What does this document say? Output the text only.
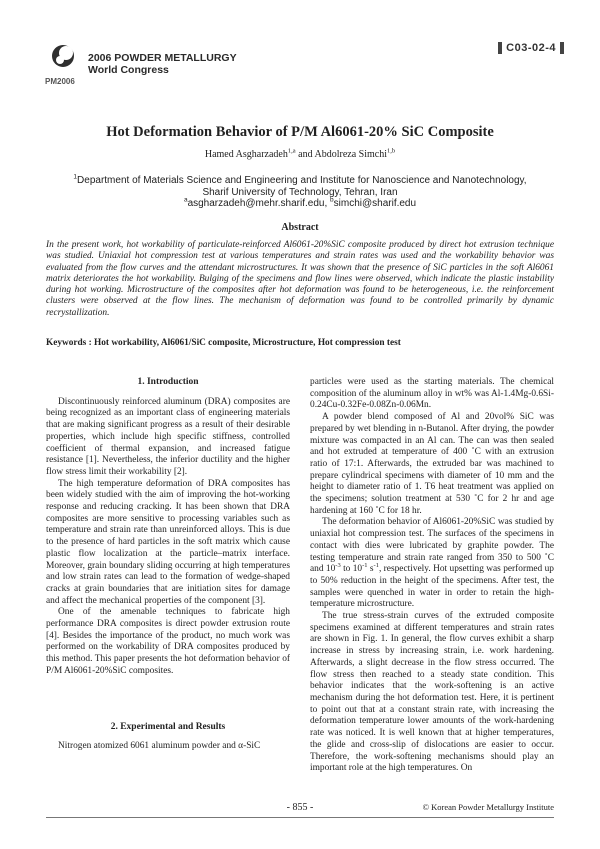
PM2006
2006 POWDER METALLURGY
World Congress
C03-02-4
Hot Deformation Behavior of P/M Al6061-20% SiC Composite
Hamed Asgharzadeh$^{1,a}$ and Abdolreza Simchi$^{1,b}$
$^1$Department of Materials Science and Engineering and Institute for Nanoscience and Nanotechnology,
Sharif University of Technology, Tehran, Iran
$^a$asgharzadeh@mehr.sharif.edu, $^b$simchi@sharif.edu
Abstract
In the present work, hot workability of particulate-reinforced Al6061-20%SiC composite produced by direct hot extrusion technique was studied. Uniaxial hot compression test at various temperatures and strain rates was used and the workability behavior was evaluated from the flow curves and the attendant microstructures. It was shown that the presence of SiC particles in the soft Al6061 matrix deteriorates the hot workability. Bulging of the specimens and flow lines were observed, which indicate the plastic instability during hot working. Microstructure of the composites after hot deformation was found to be heterogeneous, i.e. the reinforcement clusters were observed at the flow lines. The mechanism of deformation was found to be controlled primarily by dynamic recrystallization.
Keywords : Hot workability, Al6061/SiC composite, Microstructure, Hot compression test
1. Introduction

Discontinuously reinforced aluminum (DRA) composites are being recognized as an important class of engineering materials that are making significant progress as a result of their desirable properties, which include high specific stiffness, controlled coefficient of thermal expansion, and increased fatigue resistance [1]. Nevertheless, the inferior ductility and the higher flow stress limit their workability [2].

The high temperature deformation of DRA composites has been widely studied with the aim of improving the hot-working response and reducing cracking. It has been shown that DRA composites are more sensitive to processing variables such as temperature and strain rate than unreinforced alloys. This is due to the presence of hard particles in the soft matrix which cause plastic flow localization at the particle–matrix interface. Moreover, grain boundary sliding occurring at high temperatures and low strain rates can lead to the formation of wedge-shaped cracks at grain boundaries that are initiation sites for damage and affect the mechanical properties of the component [3].

One of the amenable techniques to fabricate high performance DRA composites is direct powder extrusion route [4]. Besides the importance of the product, no much work was performed on the workability of DRA composites produced by this method. This paper presents the hot deformation behavior of P/M Al6061-20%SiC composites.

2. Experimental and Results

Nitrogen atomized 6061 aluminum powder and α-SiC

particles were used as the starting materials. The chemical composition of the aluminum alloy in wt% was Al-1.4Mg-0.6Si-0.24Cu-0.32Fe-0.08Zn-0.06Mn.

A powder blend composed of Al and 20vol% SiC was prepared by wet blending in n-Butanol. After drying, the powder mixture was compacted in an Al can. The can was then sealed and hot extruded at temperature of 400 ˚C with an extrusion ratio of 17:1. Afterwards, the extruded bar was machined to prepare cylindrical specimens with diameter of 10 mm and the height to diameter ratio of 1. T6 heat treatment was applied on the specimens; solution treatment at 530 ˚C for 2 hr and age hardening at 160 ˚C for 18 hr.

The deformation behavior of Al6061-20%SiC was studied by uniaxial hot compression test. The surfaces of the specimens in contact with dies were lubricated by graphite powder. The testing temperature and strain rate ranged from 350 to 500 ˚C and $10^{-3}$ to $10^{-1}$ $s^{-1}$, respectively. Hot upsetting was performed up to 50% reduction in the height of the specimens. After test, the samples were quenched in water in order to retain the high-temperature microstructure.

The true stress-strain curves of the extruded composite specimens examined at different temperatures and strain rates are shown in Fig. 1. In general, the flow curves exhibit a sharp increase in stress by increasing strain, i.e. work hardening. Afterwards, a slight decrease in the flow stress occurred. The flow stress then reached to a steady state condition. This behavior indicates that the work-softening is an active mechanism during the hot deformation test. Here, it is pertinent to point out that at a constant strain rate, with increasing the deformation temperature lower amounts of the work-hardening rate was noticed. It is well known that at higher temperatures, the glide and cross-slip of dislocations are easier to occur. Therefore, the work-softening mechanisms should play an important role at the high temperatures. On

- 855 -	© Korean Powder Metallurgy Institute
